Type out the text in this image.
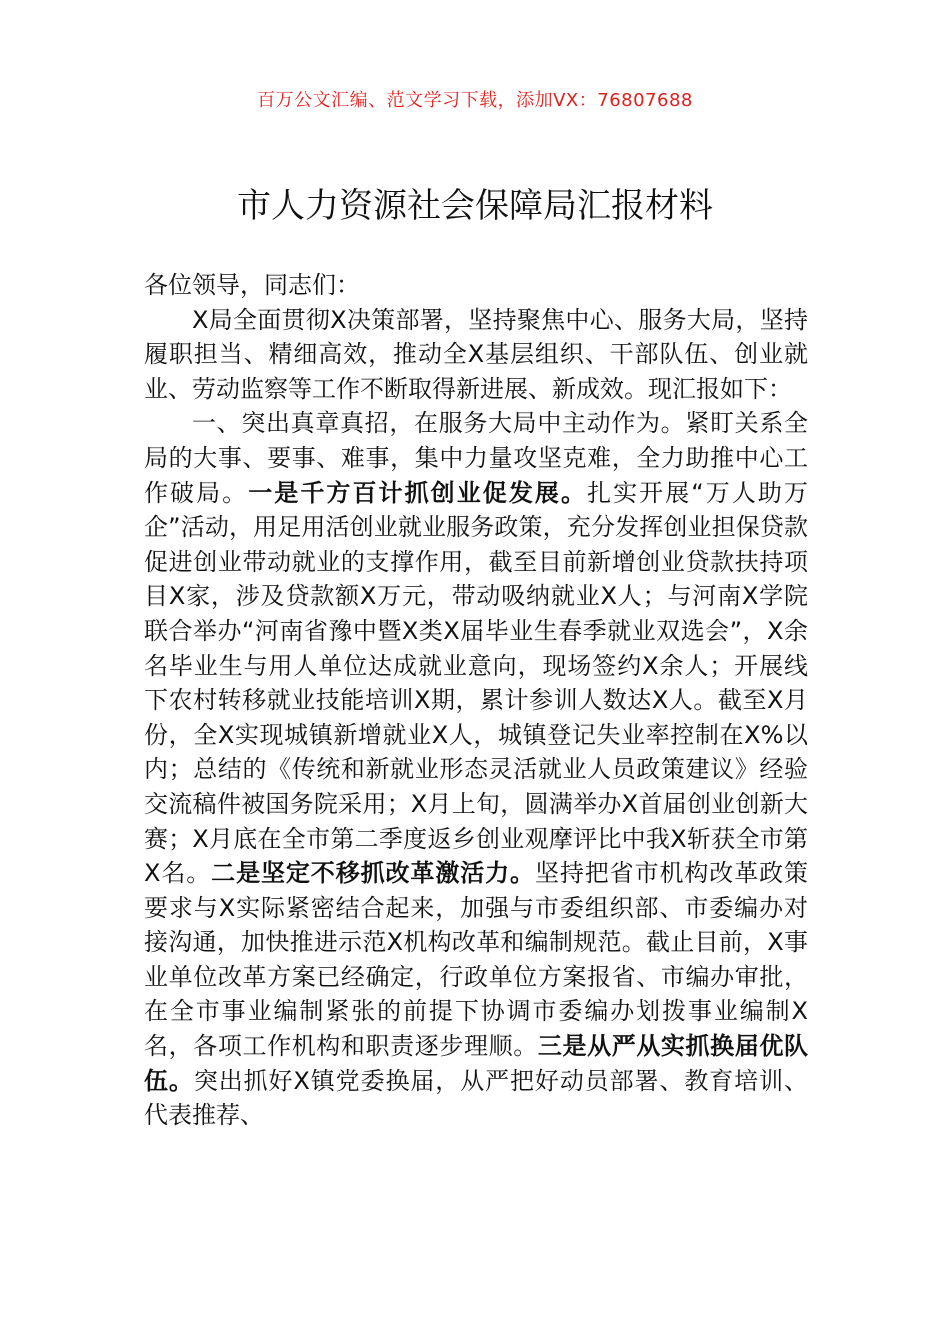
百万公文汇编、范文学习下载，添加VX：76807688
市人力资源社会保障局汇报材料

各位领导，同志们：

X局全面贯彻X决策部署，坚持聚焦中心、服务大局，坚持履职担当、精细高效，推动全X基层组织、干部队伍、创业就业、劳动监察等工作不断取得新进展、新成效。现汇报如下：

一、突出真章真招，在服务大局中主动作为。紧盯关系全局的大事、要事、难事，集中力量攻坚克难，全力助推中心工作破局。一是千方百计抓创业促发展。扎实开展“万人助万企”活动，用足用活创业就业服务政策，充分发挥创业担保贷款促进创业带动就业的支撑作用，截至目前新增创业贷款扶持项目X家，涉及贷款额X万元，带动吸纳就业X人；与河南X学院联合举办“河南省豫中暨X类X届毕业生春季就业双选会”，X余名毕业生与用人单位达成就业意向，现场签约X余人；开展线下农村转移就业技能培训X期，累计参训人数达X人。截至X月份，全X实现城镇新增就业X人，城镇登记失业率控制在X%以内；总结的《传统和新就业形态灵活就业人员政策建议》经验交流稿件被国务院采用；X月上旬，圆满举办X首届创业创新大赛；X月底在全市第二季度返乡创业观摩评比中我X斩获全市第X名。二是坚定不移抓改革激活力。坚持把省市机构改革政策要求与X实际紧密结合起来，加强与市委组织部、市委编办对接沟通，加快推进示范X机构改革和编制规范。截止目前，X事业单位改革方案已经确定，行政单位方案报省、市编办审批，在全市事业编制紧张的前提下协调市委编办划拨事业编制X名，各项工作机构和职责逐步理顺。三是从严从实抓换届优队伍。突出抓好X镇党委换届，从严把好动员部署、教育培训、代表推荐、
